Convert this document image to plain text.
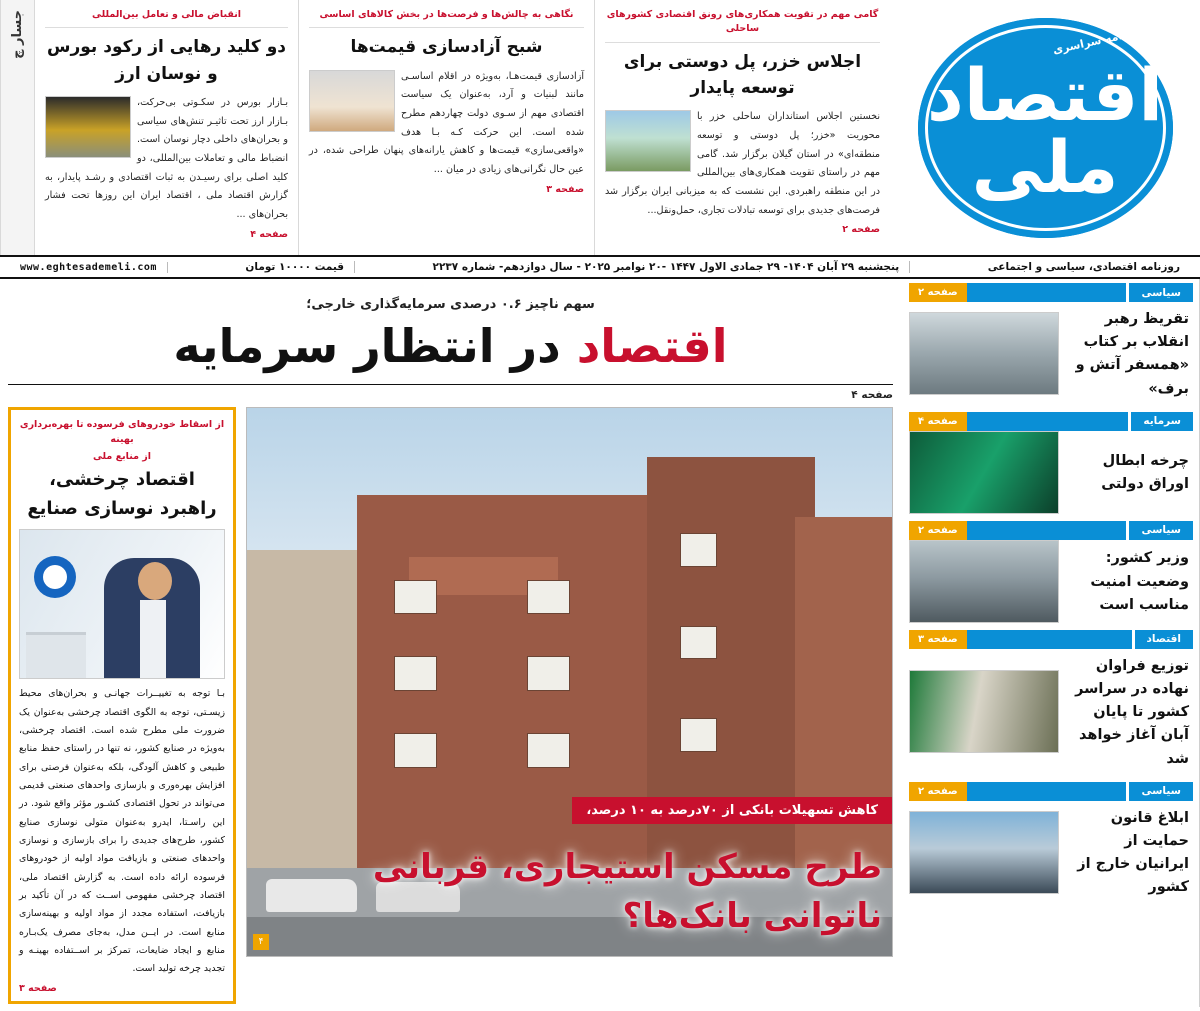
روزنامه سراسری
اقتصاد ملی
گامی مهم در تقویت همکاری‌های رونق اقتصادی کشورهای ساحلی
اجلاس خزر، پل دوستی برای توسعه پایدار
نخستین اجلاس استانداران ساحلی خزر با محوریت «خزر؛ پل دوستی و توسعه منطقه‌ای» در استان گیلان برگزار شد. گامی مهم در راستای تقویت همکاری‌های بین‌المللی در این منطقه راهبردی. این نشست که به میزبانی ایران برگزار شد فرصت‌های جدیدی برای توسعه تبادلات تجاری، حمل‌ونقل...
صفحه ۲
نگاهی به چالش‌ها و فرصت‌ها در بخش کالاهای اساسی
شبح آزادسازی قیمت‌ها
آزادسازی قیمت‌هـا، به‌ویژه در اقلام اساسـی مانند لبنیات و آرد، به‌عنوان یک سیاست اقتصادی مهم از سـوی دولت چهاردهم مطرح شده است. این حرکت کـه بـا هدف «واقعی‌سازی» قیمت‌ها و کاهش یارانه‌های پنهان طراحی شده، در عین حال نگرانی‌های زیادی در میان ...
صفحه ۳
انقباض مالی و تعامل بین‌المللی
دو کلید رهایی از رکود بورس و نوسان ارز
بـازار بورس در سکـوتی بی‌حرکت، بـازار ارز تحت تاثیـر تنش‌های سیاسی و بحران‌های داخلی دچار نوسان است. انضباط مالی و تعاملات بین‌المللی، دو کلید اصلی برای رسیـدن به ثبات اقتصادی و رشـد پایدار، به گزارش اقتصاد ملی ، اقتصاد ایران این روزها تحت فشار بحران‌های ...
صفحه ۴
جسار چ
روزنامه اقتصادی، سیاسی و اجتماعی
پنجشنبه ۲۹ آبان ۱۴۰۴- ۲۹ جمادی الاول ۱۴۴۷ -۲۰ نوامبر ۲۰۲۵ - سال دوازدهم- شماره ۲۲۳۷
قیمت ۱۰۰۰۰ تومان
www.eghtesademeli.com
سیاسی
صفحه ۲
تقریظ رهبر انقلاب بر کتاب «همسفر آتش و برف»
سرمایه
صفحه ۴
چرخه ابطال اوراق دولتی
سیاسی
صفحه ۲
وزیر کشور: وضعیت امنیت مناسب است
اقتصاد
صفحه ۳
توزیع فراوان نهاده در سراسر کشور تا پایان آبان آغاز خواهد شد
سیاسی
صفحه ۲
ابلاغ قانون حمایت از ایرانیان خارج از کشور
سهم ناچیز ۰.۶ درصدی سرمایه‌گذاری خارجی؛
اقتصاد در انتظار سرمایه
صفحه ۴
۴
کاهش تسهیلات بانکی از ۷۰درصد به ۱۰ درصد،
طرح مسکن استیجاری، قربانی ناتوانی بانک‌ها؟
از اسقاط خودروهای فرسوده تا بهره‌برداری بهینه
از منابع ملی
اقتصاد چرخشی، راهبرد نوسازی صنایع
بـا توجه به تغییــرات جهانـی و بحران‌های محیط زیسـتی، توجه به الگوی اقتصاد چرخشی به‌عنوان یک ضرورت ملی مطرح شده است. اقتصاد چرخشی، به‌ویژه در صنایع کشور، نه تنها در راستای حفظ منابع طبیعی و کاهش آلودگی، بلکه به‌عنوان فرصتی برای افزایش بهره‌وری و بازسازی واحدهای صنعتی قدیمی می‌تواند در تحول اقتصادی کشـور مؤثر واقع شود. در این راسـتا، ایدرو به‌عنوان متولی نوسازی صنایع کشور، طرح‌های جدیدی را برای بازسازی و نوسازی واحدهای صنعتی و بازیافت مواد اولیه از خودروهای فرسوده ارائه داده است. به گزارش اقتصاد ملی، اقتصاد چرخشی مفهومی اســت که در آن تأکید بر بازیافت، استفاده مجدد از مواد اولیه و بهینه‌سازی منابع است. در ایــن مدل، به‌جای مصرف یک‌بـاره منابع و ایجاد ضایعات، تمرکز بر اســتفاده بهینـه و تجدید چرخه تولید است.
صفحه ۳
